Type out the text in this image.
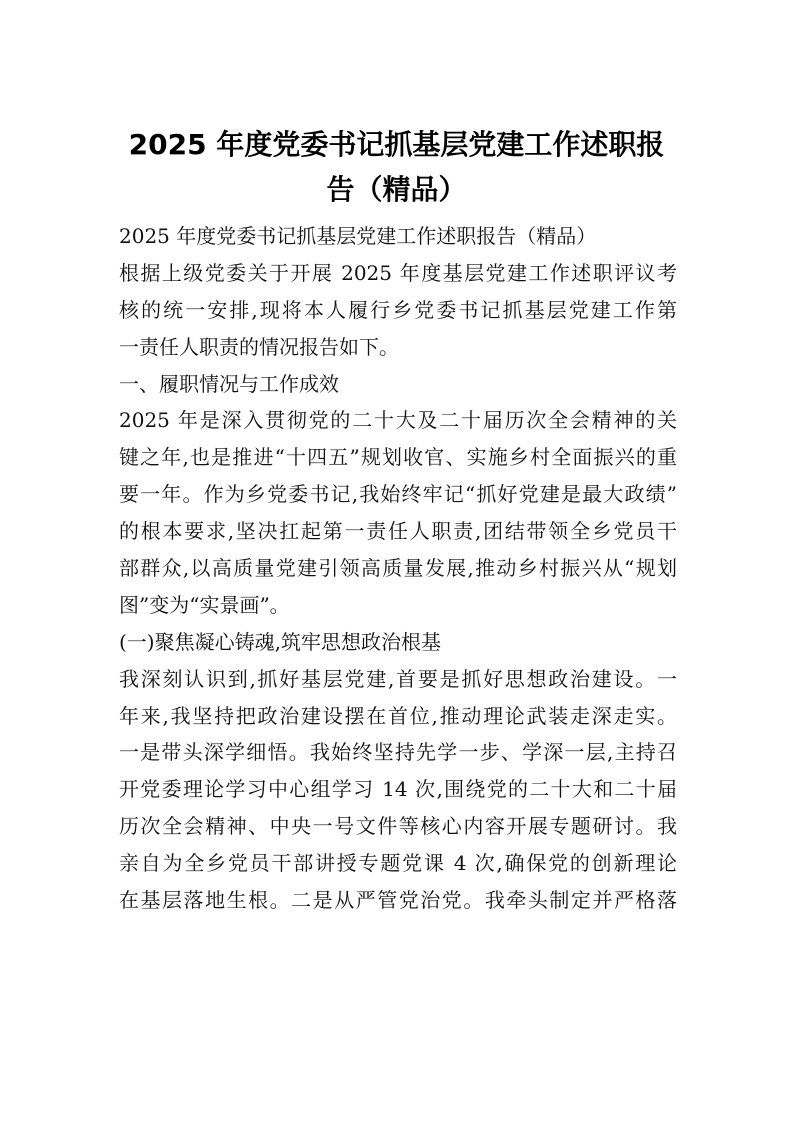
2025 年度党委书记抓基层党建工作述职报
告（精品）
2025 年度党委书记抓基层党建工作述职报告（精品）
根据上级党委关于开展 2025 年度基层党建工作述职评议考
核的统一安排,现将本人履行乡党委书记抓基层党建工作第
一责任人职责的情况报告如下。
一、履职情况与工作成效
2025 年是深入贯彻党的二十大及二十届历次全会精神的关
键之年,也是推进“十四五”规划收官、实施乡村全面振兴的重
要一年。作为乡党委书记,我始终牢记“抓好党建是最大政绩”
的根本要求,坚决扛起第一责任人职责,团结带领全乡党员干
部群众,以高质量党建引领高质量发展,推动乡村振兴从“规划
图”变为“实景画”。
(一)聚焦凝心铸魂,筑牢思想政治根基
我深刻认识到,抓好基层党建,首要是抓好思想政治建设。一
年来,我坚持把政治建设摆在首位,推动理论武装走深走实。
一是带头深学细悟。我始终坚持先学一步、学深一层,主持召
开党委理论学习中心组学习 14 次,围绕党的二十大和二十届
历次全会精神、中央一号文件等核心内容开展专题研讨。我
亲自为全乡党员干部讲授专题党课 4 次,确保党的创新理论
在基层落地生根。二是从严管党治党。我牵头制定并严格落
